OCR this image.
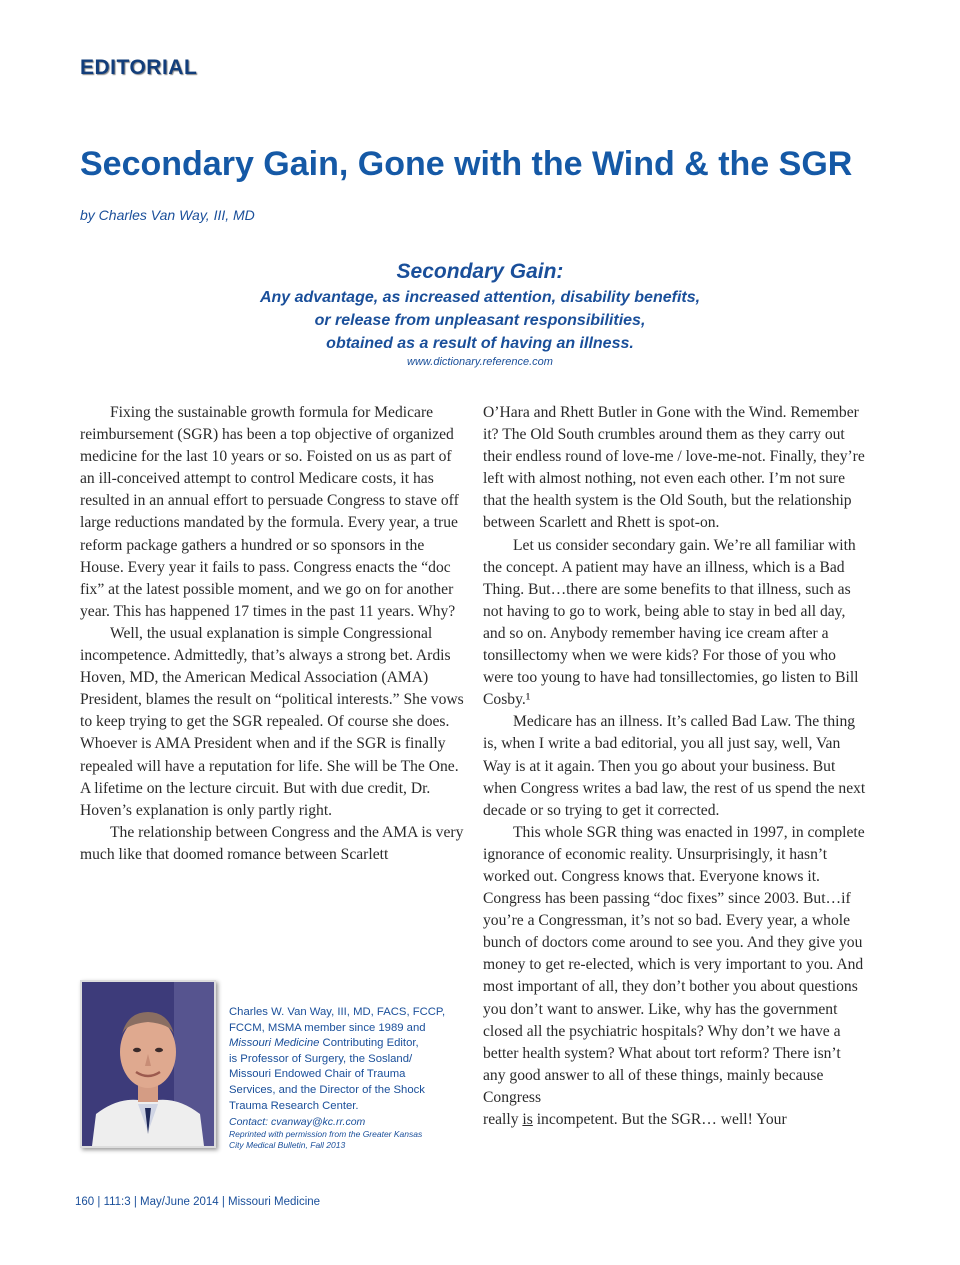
EDITORIAL
Secondary Gain, Gone with the Wind & the SGR
by Charles Van Way, III, MD
Secondary Gain:
Any advantage, as increased attention, disability benefits,
or release from unpleasant responsibilities,
obtained as a result of having an illness.
www.dictionary.reference.com

Fixing the sustainable growth formula for Medicare reimbursement (SGR) has been a top objective of organized medicine for the last 10 years or so. Foisted on us as part of an ill-conceived attempt to control Medicare costs, it has resulted in an annual effort to persuade Congress to stave off large reductions mandated by the formula. Every year, a true reform package gathers a hundred or so sponsors in the House. Every year it fails to pass. Congress enacts the “doc fix” at the latest possible moment, and we go on for another year. This has happened 17 times in the past 11 years. Why?

Well, the usual explanation is simple Congressional incompetence. Admittedly, that’s always a strong bet. Ardis Hoven, MD, the American Medical Association (AMA) President, blames the result on “political interests.” She vows to keep trying to get the SGR repealed. Of course she does. Whoever is AMA President when and if the SGR is finally repealed will have a reputation for life. She will be The One. A lifetime on the lecture circuit. But with due credit, Dr. Hoven’s explanation is only partly right.

The relationship between Congress and the AMA is very much like that doomed romance between Scarlett

O’Hara and Rhett Butler in Gone with the Wind. Remember it? The Old South crumbles around them as they carry out their endless round of love-me / love-me-not. Finally, they’re left with almost nothing, not even each other. I’m not sure that the health system is the Old South, but the relationship between Scarlett and Rhett is spot-on.

Let us consider secondary gain. We’re all familiar with the concept. A patient may have an illness, which is a Bad Thing. But…there are some benefits to that illness, such as not having to go to work, being able to stay in bed all day, and so on. Anybody remember having ice cream after a tonsillectomy when we were kids? For those of you who were too young to have had tonsillectomies, go listen to Bill Cosby.¹

Medicare has an illness. It’s called Bad Law. The thing is, when I write a bad editorial, you all just say, well, Van Way is at it again. Then you go about your business. But when Congress writes a bad law, the rest of us spend the next decade or so trying to get it corrected.

This whole SGR thing was enacted in 1997, in complete ignorance of economic reality. Unsurprisingly, it hasn’t worked out. Congress knows that. Everyone knows it. Congress has been passing “doc fixes” since 2003. But…if you’re a Congressman, it’s not so bad. Every year, a whole bunch of doctors come around to see you. And they give you money to get re-elected, which is very important to you. And most important of all, they don’t bother you about questions you don’t want to answer. Like, why has the government closed all the psychiatric hospitals? Why don’t we have a better health system? What about tort reform? There isn’t any good answer to all of these things, mainly because Congress

really is incompetent. But the SGR… well! Your

Charles W. Van Way, III, MD, FACS, FCCP,
FCCM, MSMA member since 1989 and
Missouri Medicine Contributing Editor,
is Professor of Surgery, the Sosland/
Missouri Endowed Chair of Trauma
Services, and the Director of the Shock
Trauma Research Center.
Contact: cvanway@kc.rr.com
Reprinted with permission from the Greater Kansas
City Medical Bulletin, Fall 2013
160 | 111:3 | May/June 2014 | Missouri Medicine
